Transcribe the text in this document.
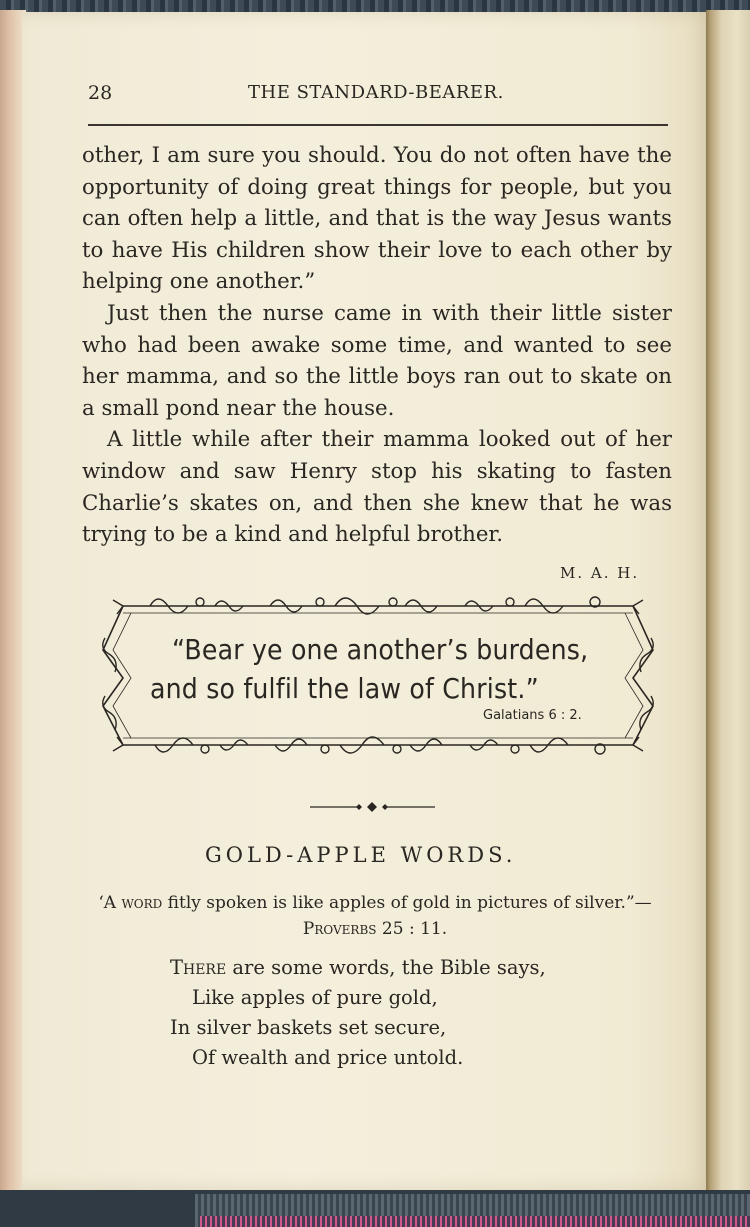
28	THE STANDARD-BEARER.

other, I am sure you should. You do not often have the opportunity of doing great things for people, but you can often help a little, and that is the way Jesus wants to have His children show their love to each other by helping one another.”

Just then the nurse came in with their little sister who had been awake some time, and wanted to see her mamma, and so the little boys ran out to skate on a small pond near the house.

A little while after their mamma looked out of her window and saw Henry stop his skating to fasten Charlie’s skates on, and then she knew that he was trying to be a kind and helpful brother.

M. A. H.
“Bear ye one another’s burdens,
and so fulfil the law of Christ.”
Galatians 6 : 2.
GOLD-APPLE WORDS.
‘A word fitly spoken is like apples of gold in pictures of silver.”—Proverbs 25 : 11.
There are some words, the Bible says,
Like apples of pure gold,
In silver baskets set secure,
Of wealth and price untold.
